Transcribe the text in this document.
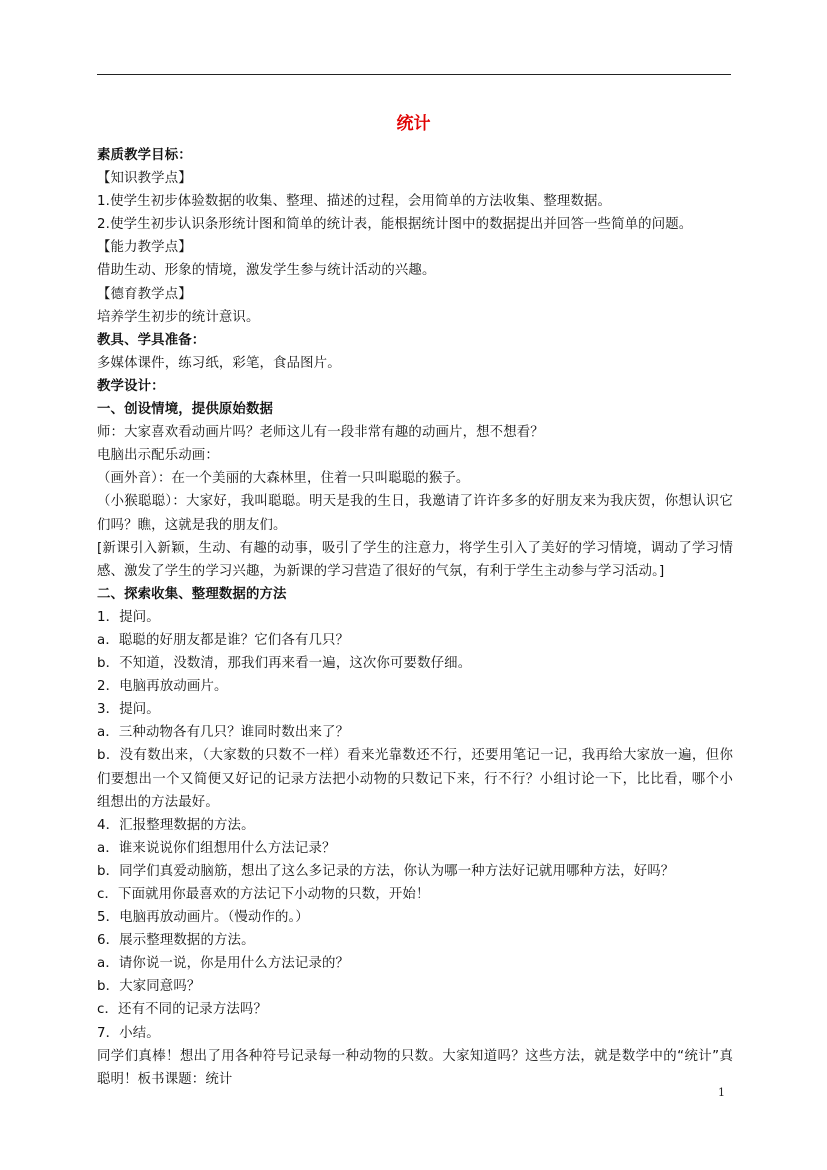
统计
素质教学目标：
【知识教学点】
1.使学生初步体验数据的收集、整理、描述的过程，会用简单的方法收集、整理数据。
2.使学生初步认识条形统计图和简单的统计表，能根据统计图中的数据提出并回答一些简单的问题。
【能力教学点】
借助生动、形象的情境，激发学生参与统计活动的兴趣。
【德育教学点】
培养学生初步的统计意识。
教具、学具准备：
多媒体课件，练习纸，彩笔，食品图片。
教学设计：
一、创设情境，提供原始数据
师：大家喜欢看动画片吗？老师这儿有一段非常有趣的动画片，想不想看？
电脑出示配乐动画：
（画外音）：在一个美丽的大森林里，住着一只叫聪聪的猴子。
（小猴聪聪）：大家好，我叫聪聪。明天是我的生日，我邀请了许许多多的好朋友来为我庆贺，你想认识它们吗？瞧，这就是我的朋友们。
[新课引入新颖，生动、有趣的动事，吸引了学生的注意力，将学生引入了美好的学习情境，调动了学习情感、激发了学生的学习兴趣，为新课的学习营造了很好的气氛，有利于学生主动参与学习活动。]
二、探索收集、整理数据的方法
1．提问。
a．聪聪的好朋友都是谁？它们各有几只？
b．不知道，没数清，那我们再来看一遍，这次你可要数仔细。
2．电脑再放动画片。
3．提问。
a．三种动物各有几只？谁同时数出来了？
b．没有数出来，（大家数的只数不一样）看来光靠数还不行，还要用笔记一记，我再给大家放一遍，但你们要想出一个又简便又好记的记录方法把小动物的只数记下来，行不行？小组讨论一下，比比看，哪个小组想出的方法最好。
4．汇报整理数据的方法。
a．谁来说说你们组想用什么方法记录？
b．同学们真爱动脑筋，想出了这么多记录的方法，你认为哪一种方法好记就用哪种方法，好吗？
c．下面就用你最喜欢的方法记下小动物的只数，开始！
5．电脑再放动画片。（慢动作的。）
6．展示整理数据的方法。
a．请你说一说，你是用什么方法记录的？
b．大家同意吗？
c．还有不同的记录方法吗？
7．小结。
同学们真棒！想出了用各种符号记录每一种动物的只数。大家知道吗？这些方法，就是数学中的“统计”真聪明！板书课题：统计
1
